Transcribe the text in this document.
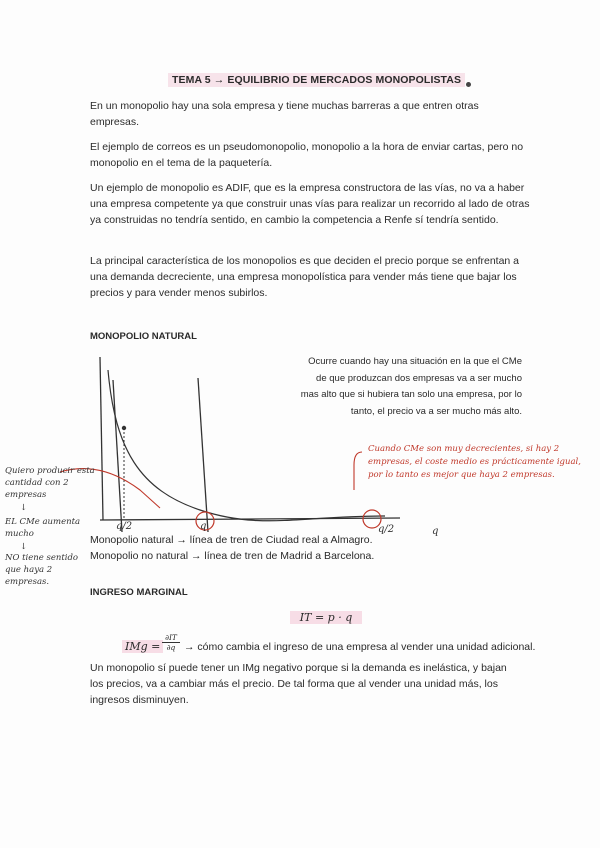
TEMA 5 → EQUILIBRIO DE MERCADOS MONOPOLISTAS
En un monopolio hay una sola empresa y tiene muchas barreras a que entren otras empresas.
El ejemplo de correos es un pseudomonopolio, monopolio a la hora de enviar cartas, pero no monopolio en el tema de la paquetería.
Un ejemplo de monopolio es ADIF, que es la empresa constructora de las vías, no va a haber una empresa competente ya que construir unas vías para realizar un recorrido al lado de otras ya construidas no tendría sentido, en cambio la competencia a Renfe sí tendría sentido.
La principal característica de los monopolios es que deciden el precio porque se enfrentan a una demanda decreciente, una empresa monopolística para vender más tiene que bajar los precios y para vender menos subirlos.
MONOPOLIO NATURAL
Ocurre cuando hay una situación en la que el CMe de que produzcan dos empresas va a ser mucho mas alto que si hubiera tan solo una empresa, por lo tanto, el precio va a ser mucho más alto.
Cuando CMe son muy decrecientes, si hay 2 empresas, el coste medio es prácticamente igual, por lo tanto es mejor que haya 2 empresas.
Quiero producir esta cantidad con 2 empresas
↓
EL CMe aumenta mucho
↓
NO tiene sentido que haya 2 empresas.
q/2	q	q/2	q
Monopolio natural → línea de tren de Ciudad real a Almagro.
Monopolio no natural → línea de tren de Madrid a Barcelona.
INGRESO MARGINAL
IT = p · q
IMg = $\frac{\partial IT}{\partial q}$ → cómo cambia el ingreso de una empresa al vender una unidad adicional.
Un monopolio sí puede tener un IMg negativo porque si la demanda es inelástica, y bajan los precios, va a cambiar más el precio. De tal forma que al vender una unidad más, los ingresos disminuyen.
